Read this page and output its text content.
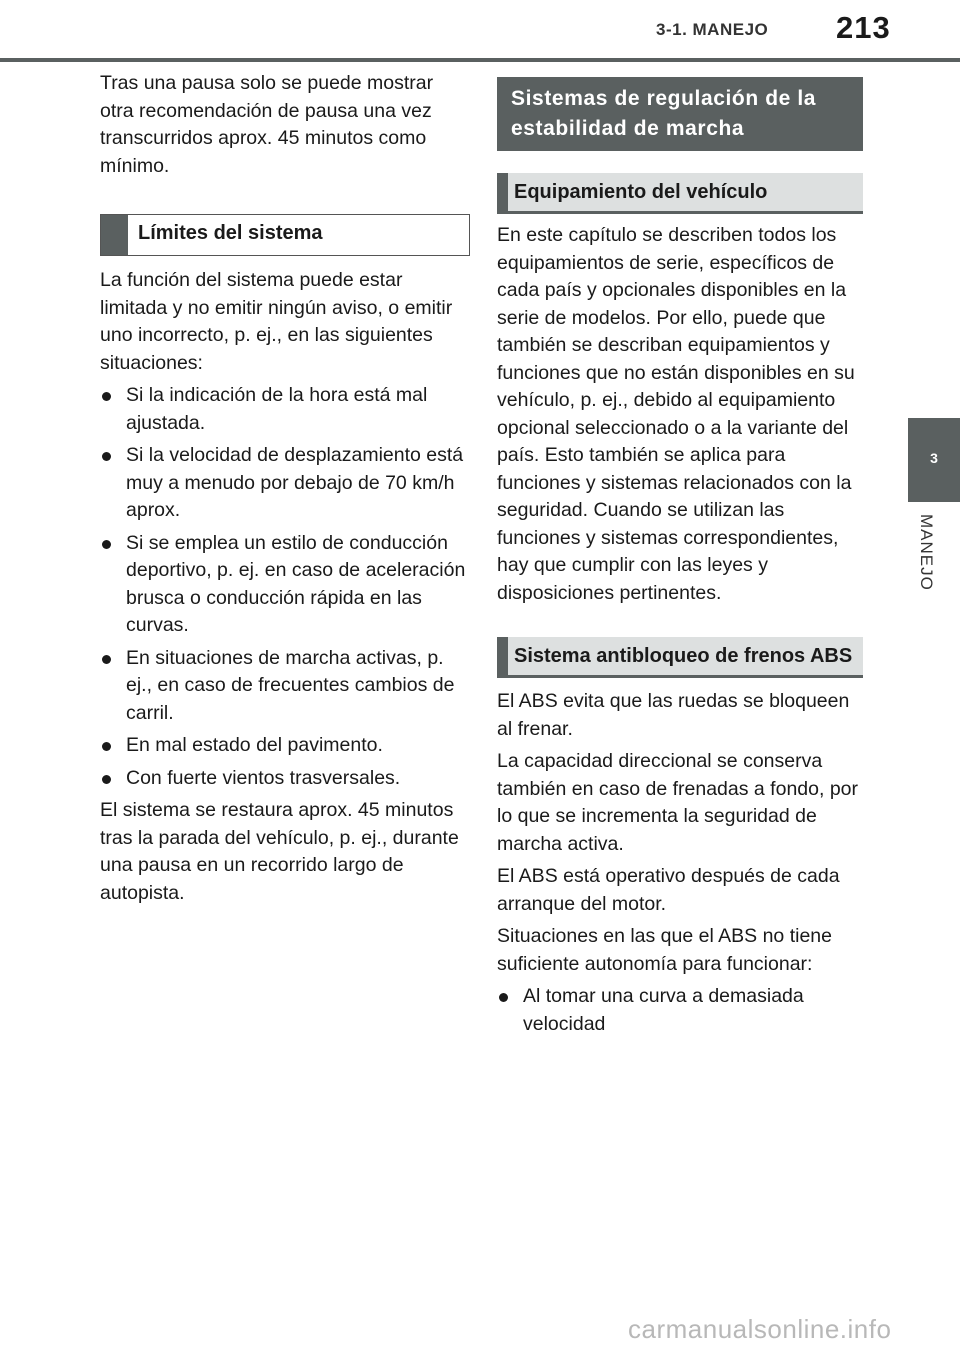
3-1. MANEJO 213
3
MANEJO

Tras una pausa solo se puede mostrar otra recomendación de pausa una vez transcurridos aprox. 45 minutos como mínimo.

Límites del sistema

La función del sistema puede estar limitada y no emitir ningún aviso, o emitir uno incorrecto, p. ej., en las siguientes situaciones:

Si la indicación de la hora está mal ajustada.
Si la velocidad de desplazamiento está muy a menudo por debajo de 70 km/h aprox.
Si se emplea un estilo de conducción deportivo, p. ej. en caso de aceleración brusca o conducción rápida en las curvas.
En situaciones de marcha activas, p. ej., en caso de frecuentes cambios de carril.
En mal estado del pavimento.
Con fuerte vientos trasversales.

El sistema se restaura aprox. 45 minutos tras la parada del vehículo, p. ej., durante una pausa en un recorrido largo de autopista.

Sistemas de regulación de la estabilidad de marcha
Equipamiento del vehículo

En este capítulo se describen todos los equipamientos de serie, específicos de cada país y opcionales disponibles en la serie de modelos. Por ello, puede que también se describan equipamientos y funciones que no están disponibles en su vehículo, p. ej., debido al equipamiento opcional seleccionado o a la variante del país. Esto también se aplica para funciones y sistemas relacionados con la seguridad. Cuando se utilizan las funciones y sistemas correspondientes, hay que cumplir con las leyes y disposiciones pertinentes.

Sistema antibloqueo de frenos ABS

El ABS evita que las ruedas se bloqueen al frenar.

La capacidad direccional se conserva también en caso de frenadas a fondo, por lo que se incrementa la seguridad de marcha activa.

El ABS está operativo después de cada arranque del motor.

Situaciones en las que el ABS no tiene suficiente autonomía para funcionar:

Al tomar una curva a demasiada velocidad
carmanualsonline.info
